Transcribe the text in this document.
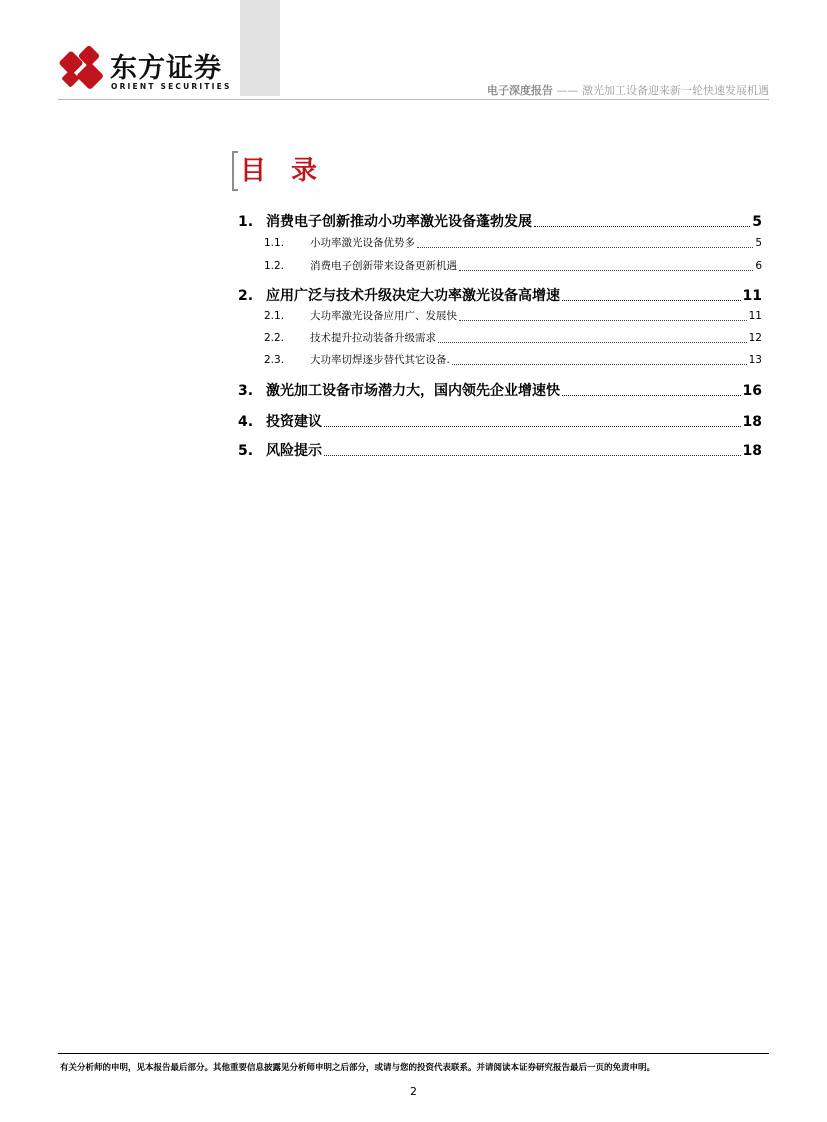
东方证券
ORIENT SECURITIES	电子深度报告 —— 激光加工设备迎来新一轮快速发展机遇
目 录
1. 消费电子创新推动小功率激光设备蓬勃发展	5
1.1.	小功率激光设备优势多	5
1.2.	消费电子创新带来设备更新机遇	6
2. 应用广泛与技术升级决定大功率激光设备高增速	11
2.1.	大功率激光设备应用广、发展快	11
2.2.	技术提升拉动装备升级需求	12
2.3.	大功率切焊逐步替代其它设备.	13
3. 激光加工设备市场潜力大，国内领先企业增速快	16
4. 投资建议	18
5. 风险提示	18
有关分析师的申明，见本报告最后部分。其他重要信息披露见分析师申明之后部分，或请与您的投资代表联系。并请阅读本证券研究报告最后一页的免责申明。
2
